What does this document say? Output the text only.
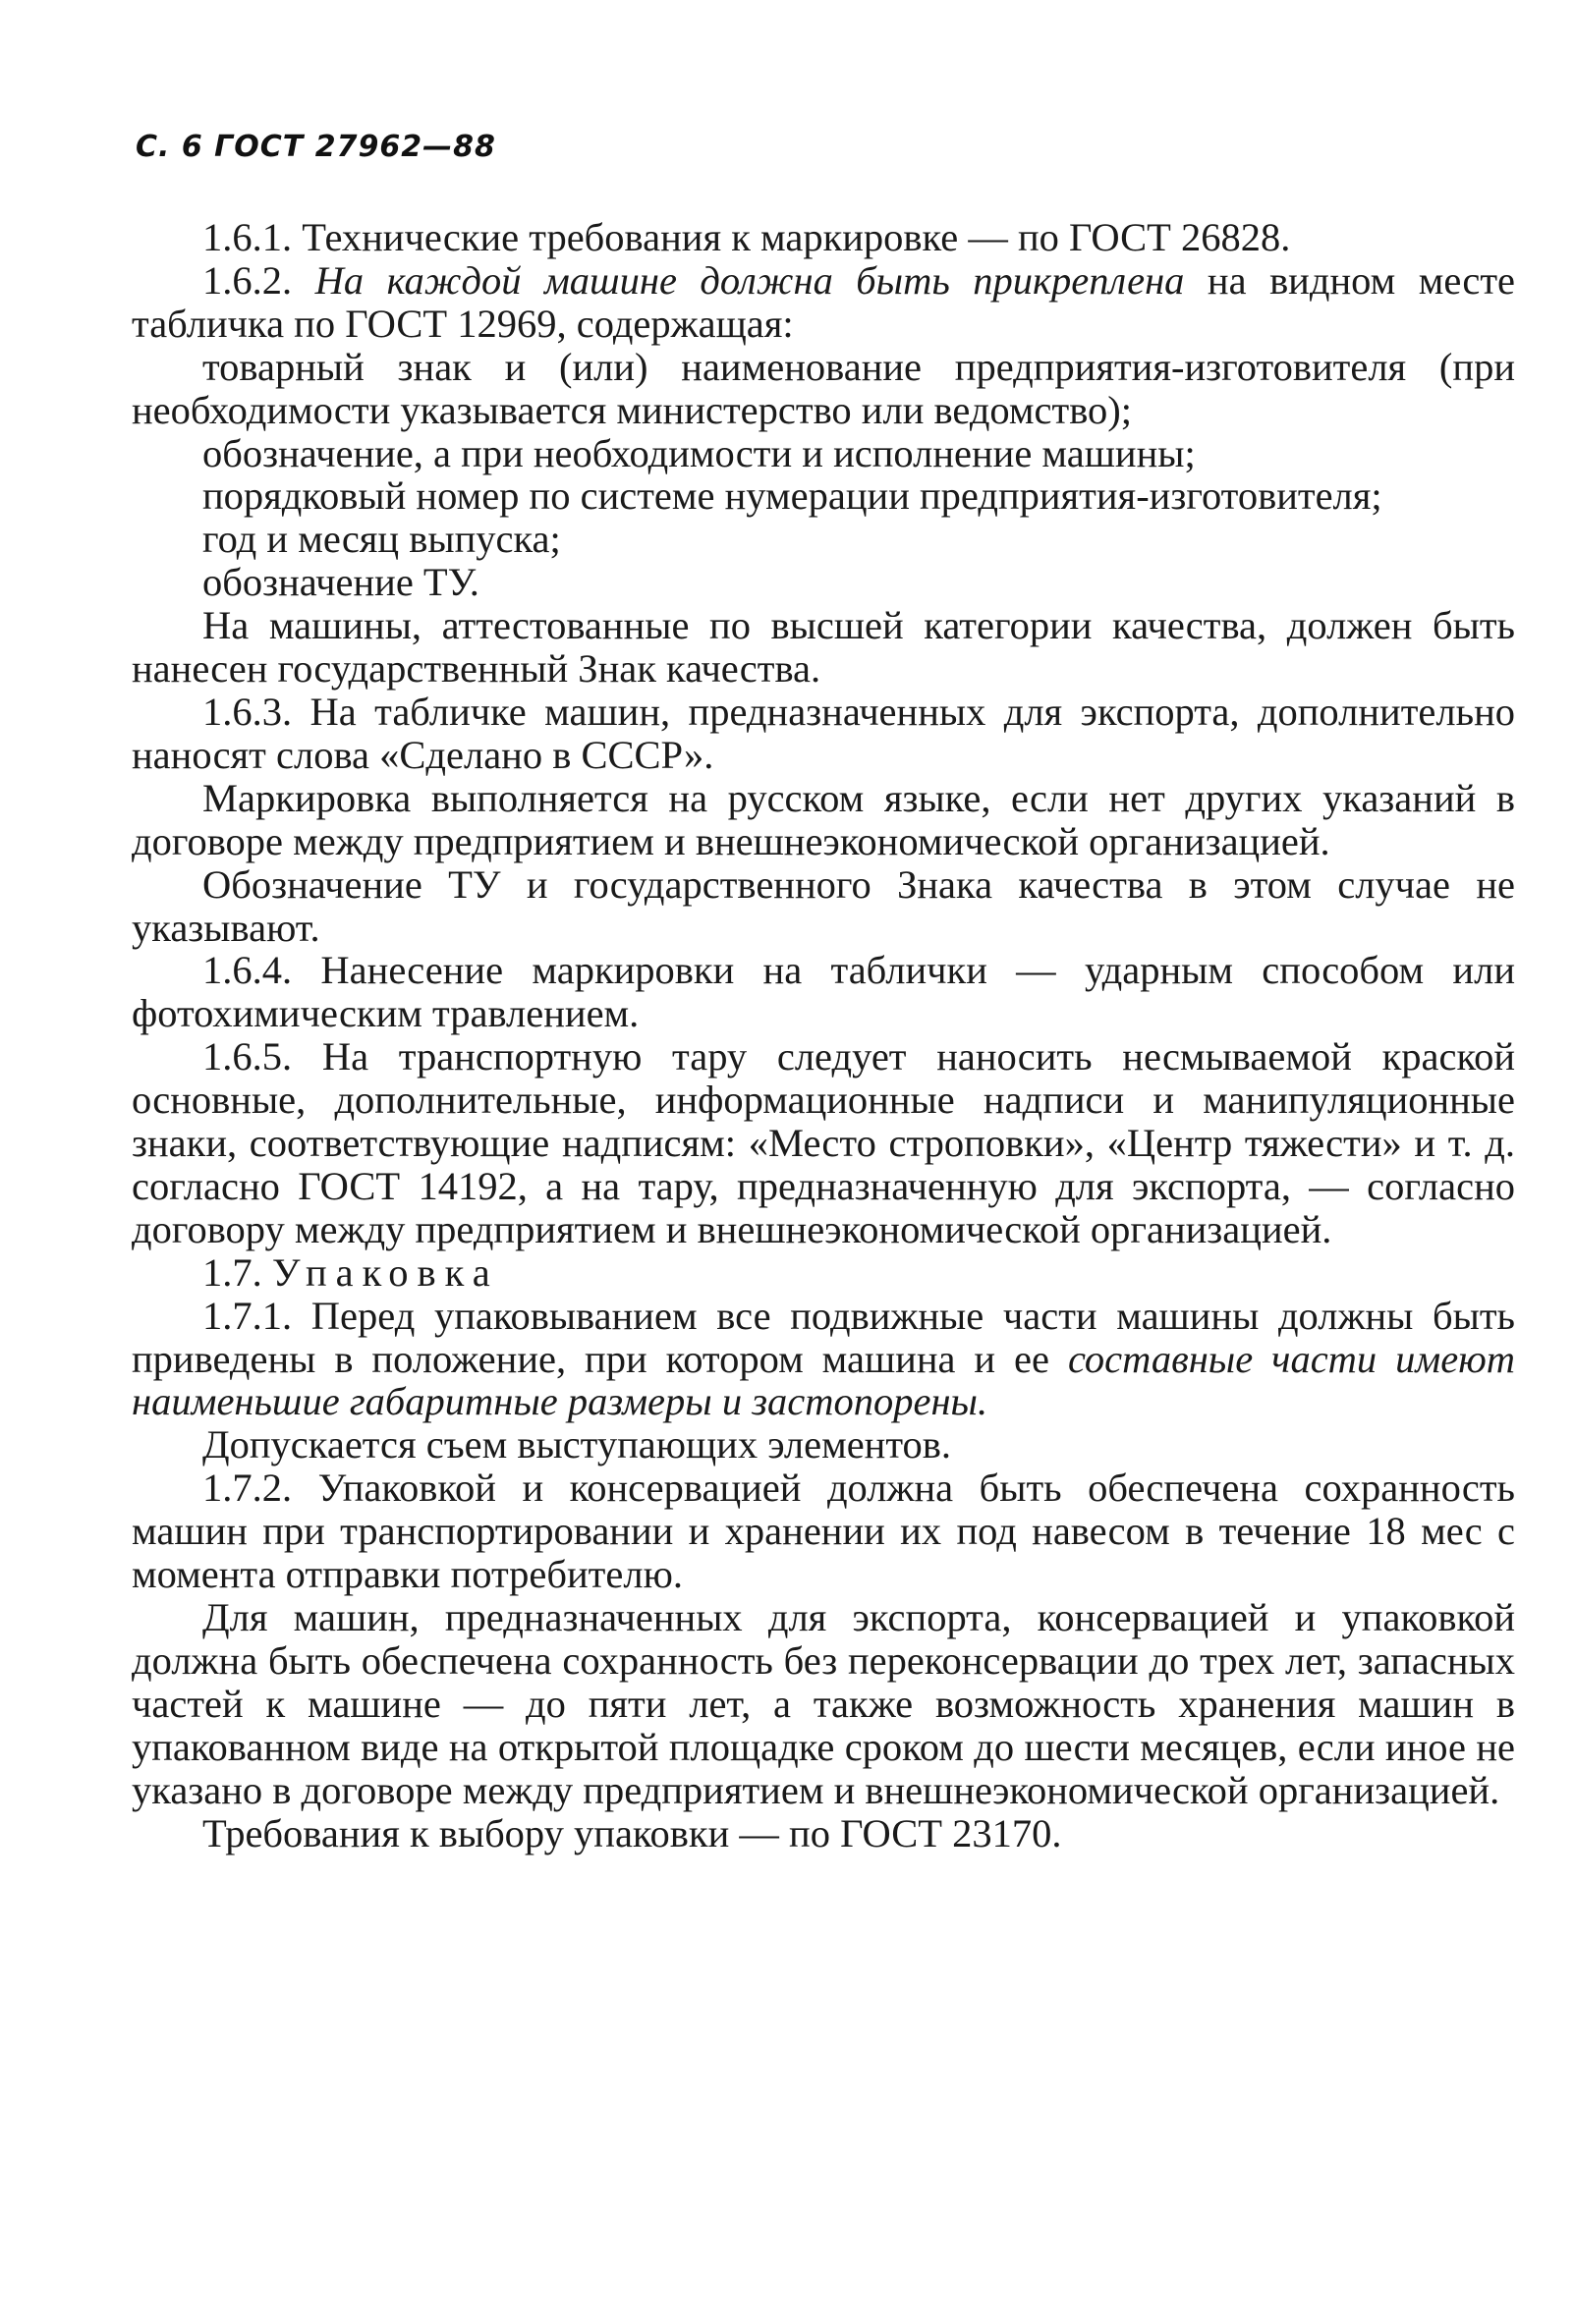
С. 6 ГОСТ 27962—88

1.6.1. Технические требования к маркировке — по ГОСТ 26828.

1.6.2. На каждой машине должна быть прикреплена на видном месте табличка по ГОСТ 12969, содержащая:

товарный знак и (или) наименование предприятия-изготовителя (при необходимости указывается министерство или ведомство);

обозначение, а при необходимости и исполнение машины;

порядковый номер по системе нумерации предприятия-изготовителя;

год и месяц выпуска;

обозначение ТУ.

На машины, аттестованные по высшей категории качества, должен быть нанесен государственный Знак качества.

1.6.3. На табличке машин, предназначенных для экспорта, дополнительно наносят слова «Сделано в СССР».

Маркировка выполняется на русском языке, если нет других указаний в договоре между предприятием и внешнеэкономической организацией.

Обозначение ТУ и государственного Знака качества в этом случае не указывают.

1.6.4. Нанесение маркировки на таблички — ударным способом или фотохимическим травлением.

1.6.5. На транспортную тару следует наносить несмываемой краской основные, дополнительные, информационные надписи и манипуляционные знаки, соответствующие надписям: «Место строповки», «Центр тяжести» и т. д. согласно ГОСТ 14192, а на тару, предназначенную для экспорта, — согласно договору между предприятием и внешнеэкономической организацией.

1.7. Упаковка

1.7.1. Перед упаковыванием все подвижные части машины должны быть приведены в положение, при котором машина и ее составные части имеют наименьшие габаритные размеры и застопорены.

Допускается съем выступающих элементов.

1.7.2. Упаковкой и консервацией должна быть обеспечена сохранность машин при транспортировании и хранении их под навесом в течение 18 мес с момента отправки потребителю.

Для машин, предназначенных для экспорта, консервацией и упаковкой должна быть обеспечена сохранность без переконсервации до трех лет, запасных частей к машине — до пяти лет, а также возможность хранения машин в упакованном виде на открытой площадке сроком до шести месяцев, если иное не указано в договоре между предприятием и внешнеэкономической организацией.

Требования к выбору упаковки — по ГОСТ 23170.
